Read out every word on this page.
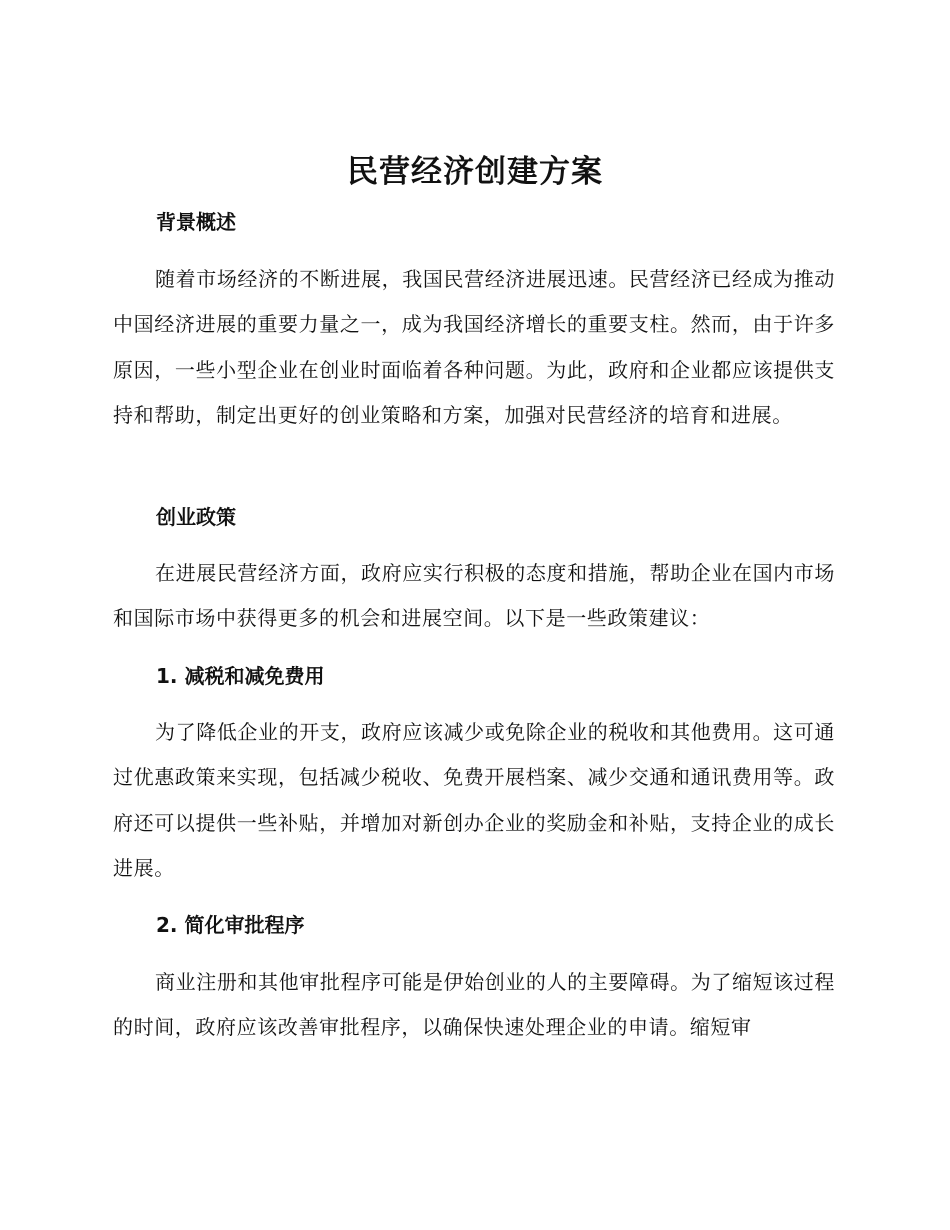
民营经济创建方案
背景概述
随着市场经济的不断进展，我国民营经济进展迅速。民营经济已经成为推动中国经济进展的重要力量之一，成为我国经济增长的重要支柱。然而，由于许多原因，一些小型企业在创业时面临着各种问题。为此，政府和企业都应该提供支持和帮助，制定出更好的创业策略和方案，加强对民营经济的培育和进展。
创业政策
在进展民营经济方面，政府应实行积极的态度和措施，帮助企业在国内市场和国际市场中获得更多的机会和进展空间。以下是一些政策建议：
1. 减税和减免费用
为了降低企业的开支，政府应该减少或免除企业的税收和其他费用。这可通过优惠政策来实现，包括减少税收、免费开展档案、减少交通和通讯费用等。政府还可以提供一些补贴，并增加对新创办企业的奖励金和补贴，支持企业的成长进展。
2. 简化审批程序
商业注册和其他审批程序可能是伊始创业的人的主要障碍。为了缩短该过程的时间，政府应该改善审批程序，以确保快速处理企业的申请。缩短审
